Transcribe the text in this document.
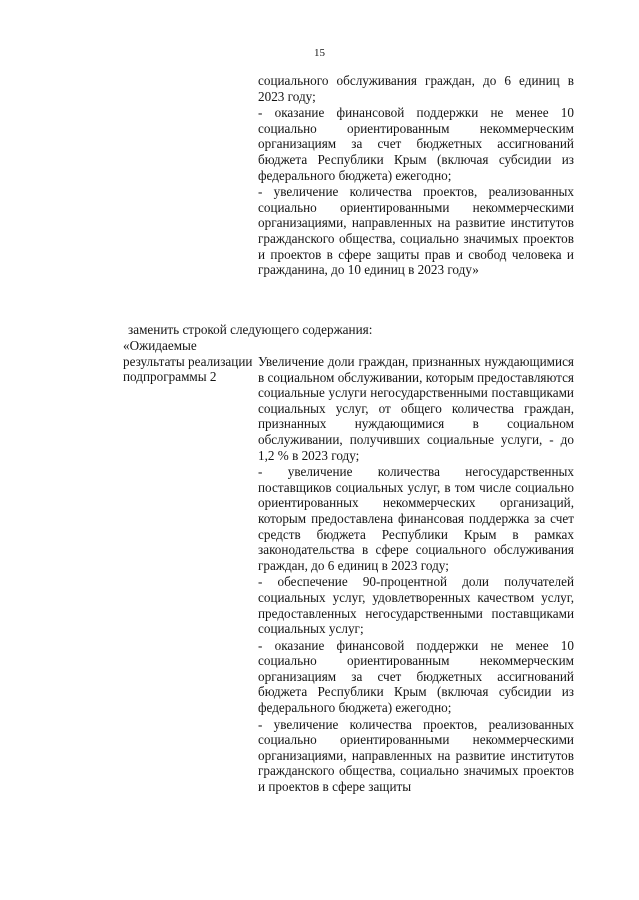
15

социального обслуживания граждан, до 6 единиц в 2023 году;

- оказание финансовой поддержки не менее 10 социально ориентированным некоммерческим организациям за счет бюджетных ассигнований бюджета Республики Крым (включая субсидии из федерального бюджета) ежегодно;

- увеличение количества проектов, реализованных социально ориентированными некоммерческими организациями, направленных на развитие институтов гражданского общества, социально значимых проектов и проектов в сфере защиты прав и свобод человека и гражданина, до 10 единиц в 2023 году»

заменить строкой следующего содержания:
«Ожидаемые
результаты реализации
подпрограммы 2

Увеличение доли граждан, признанных нуждающимися в социальном обслуживании, которым предоставляются социальные услуги негосударственными поставщиками социальных услуг, от общего количества граждан, признанных нуждающимися в социальном обслуживании, получивших социальные услуги, - до 1,2 % в 2023 году;

- увеличение количества негосударственных поставщиков социальных услуг, в том числе социально ориентированных некоммерческих организаций, которым предоставлена финансовая поддержка за счет средств бюджета Республики Крым в рамках законодательства в сфере социального обслуживания граждан, до 6 единиц в 2023 году;

- обеспечение 90-процентной доли получателей социальных услуг, удовлетворенных качеством услуг, предоставленных негосударственными поставщиками социальных услуг;

- оказание финансовой поддержки не менее 10 социально ориентированным некоммерческим организациям за счет бюджетных ассигнований бюджета Республики Крым (включая субсидии из федерального бюджета) ежегодно;

- увеличение количества проектов, реализованных социально ориентированными некоммерческими организациями, направленных на развитие институтов гражданского общества, социально значимых проектов и проектов в сфере защиты
